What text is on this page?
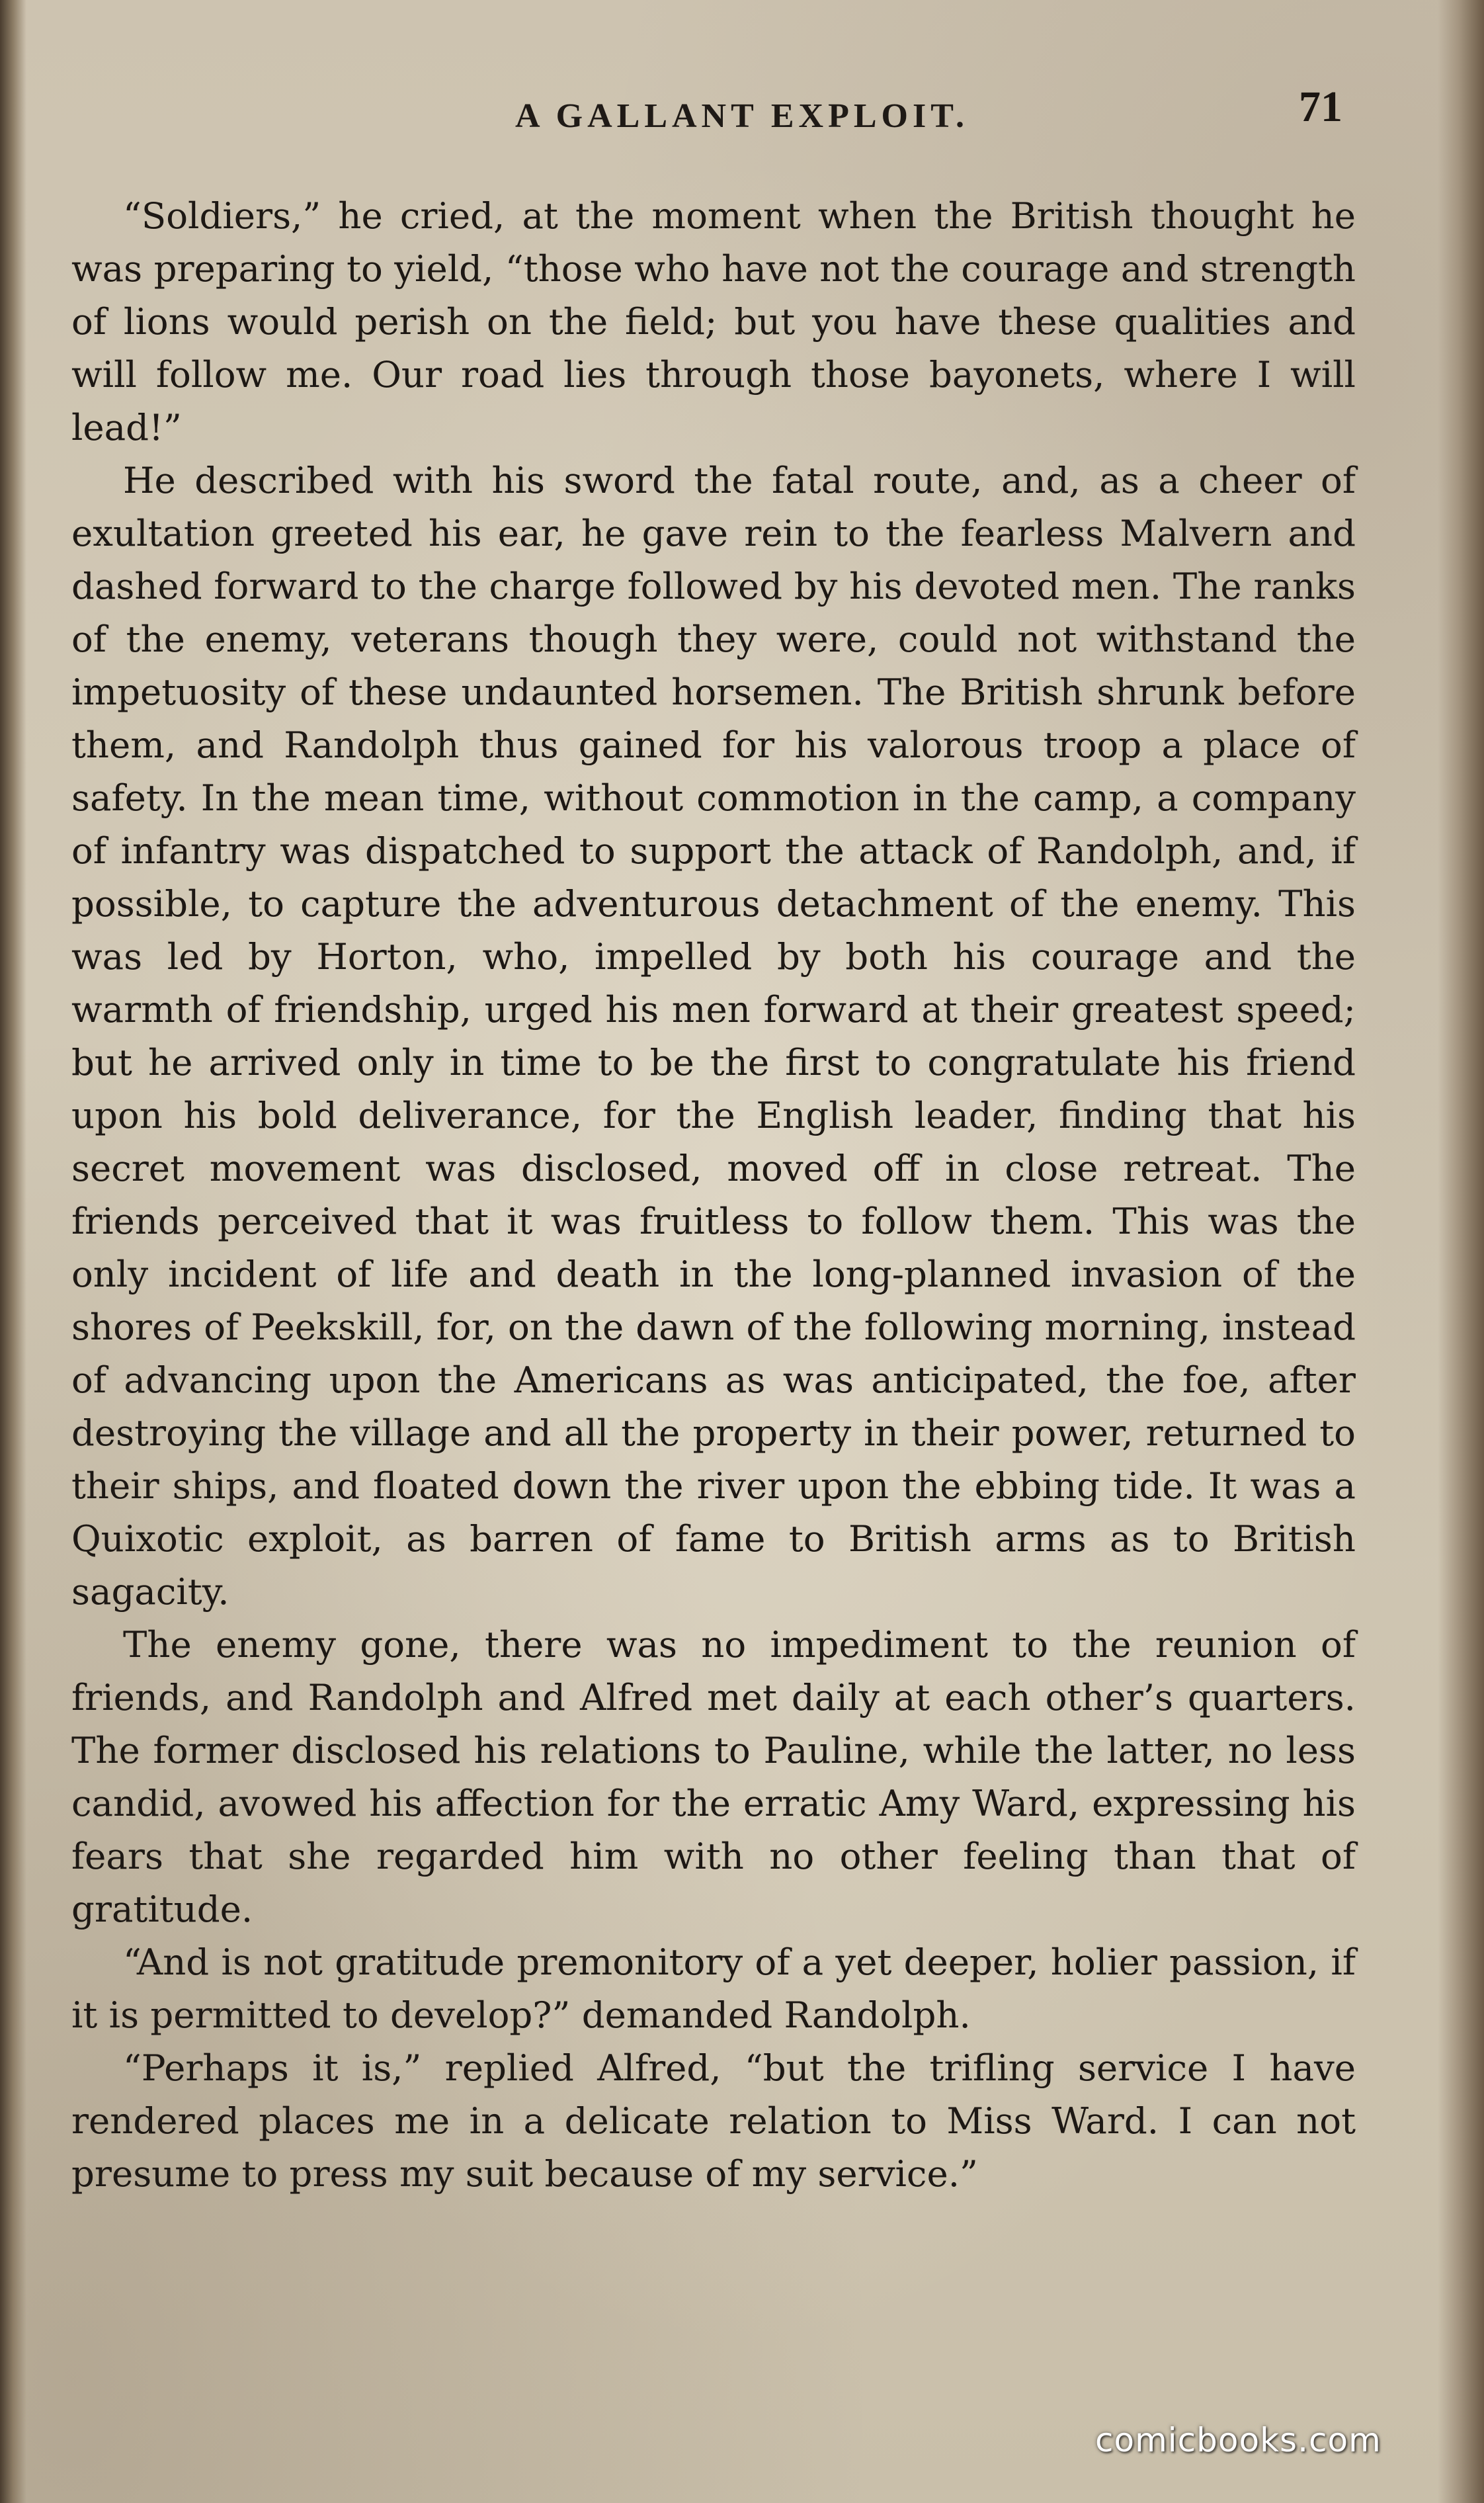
A GALLANT EXPLOIT.	71

“Soldiers,” he cried, at the moment when the British thought he was preparing to yield, “those who have not the courage and strength of lions would perish on the field; but you have these qualities and will follow me. Our road lies through those bayonets, where I will lead!”

He described with his sword the fatal route, and, as a cheer of exultation greeted his ear, he gave rein to the fearless Malvern and dashed forward to the charge followed by his devoted men. The ranks of the enemy, veterans though they were, could not withstand the impetuosity of these undaunted horsemen. The British shrunk before them, and Randolph thus gained for his valorous troop a place of safety. In the mean time, without commotion in the camp, a company of infantry was dispatched to support the attack of Randolph, and, if possible, to capture the adventurous detachment of the enemy. This was led by Horton, who, impelled by both his courage and the warmth of friendship, urged his men forward at their greatest speed; but he arrived only in time to be the first to congratulate his friend upon his bold deliverance, for the English leader, finding that his secret movement was disclosed, moved off in close retreat. The friends perceived that it was fruitless to follow them. This was the only incident of life and death in the long-planned invasion of the shores of Peekskill, for, on the dawn of the following morning, instead of advancing upon the Americans as was anticipated, the foe, after destroying the village and all the property in their power, returned to their ships, and floated down the river upon the ebbing tide. It was a Quixotic exploit, as barren of fame to British arms as to British sagacity.

The enemy gone, there was no impediment to the reunion of friends, and Randolph and Alfred met daily at each other’s quarters. The former disclosed his relations to Pauline, while the latter, no less candid, avowed his affection for the erratic Amy Ward, expressing his fears that she regarded him with no other feeling than that of gratitude.

“And is not gratitude premonitory of a yet deeper, holier passion, if it is permitted to develop?” demanded Randolph.

“Perhaps it is,” replied Alfred, “but the trifling service I have rendered places me in a delicate relation to Miss Ward. I can not presume to press my suit because of my service.”

comicbooks.com
